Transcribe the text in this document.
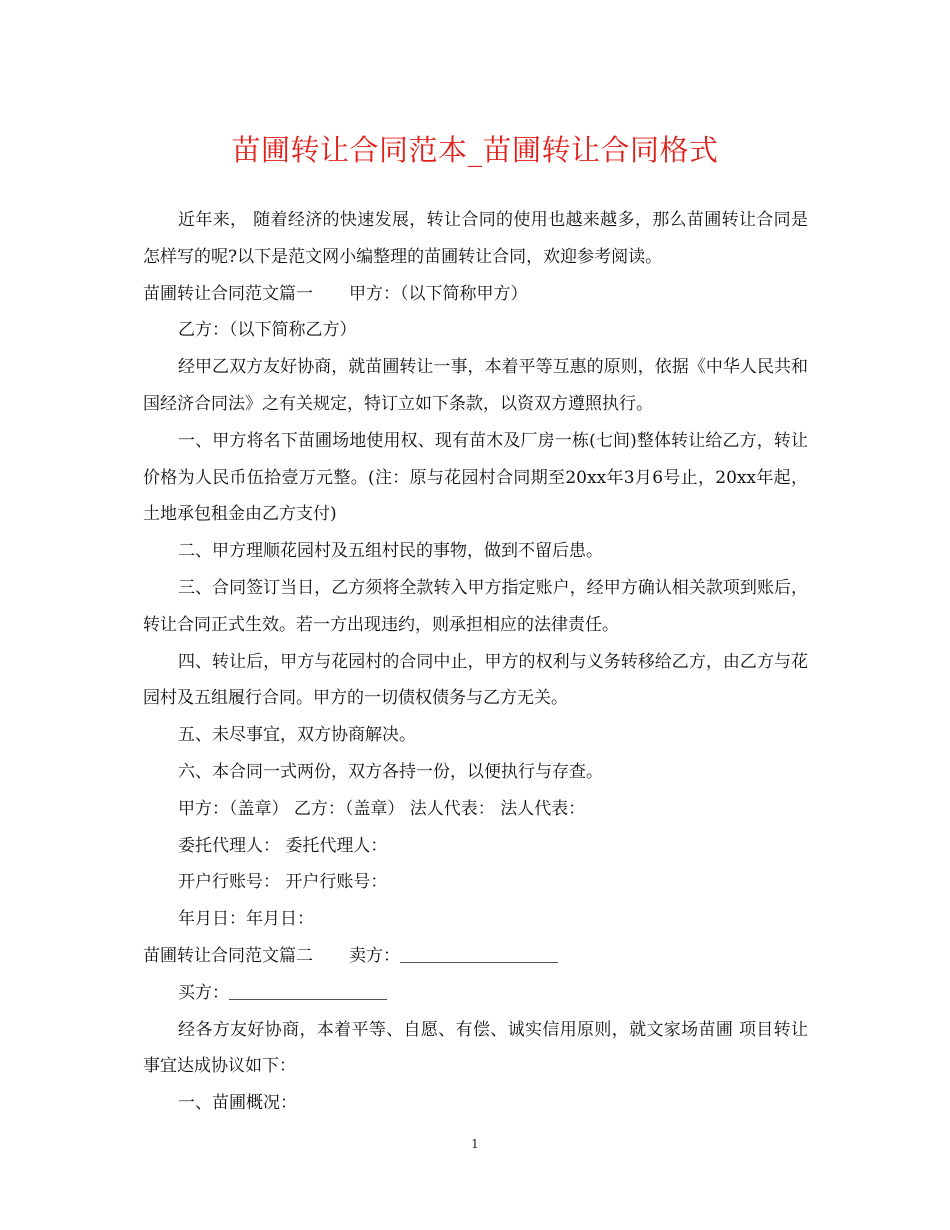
苗圃转让合同范本_苗圃转让合同格式

近年来， 随着经济的快速发展，转让合同的使用也越来越多，那么苗圃转让合同是怎样写的呢?以下是范文网小编整理的苗圃转让合同，欢迎参考阅读。

苗圃转让合同范文篇一 甲方：（以下简称甲方）

乙方：（以下简称乙方）

经甲乙双方友好协商，就苗圃转让一事，本着平等互惠的原则，依据《中华人民共和国经济合同法》之有关规定，特订立如下条款，以资双方遵照执行。

一、甲方将名下苗圃场地使用权、现有苗木及厂房一栋(七间)整体转让给乙方，转让价格为人民币伍拾壹万元整。(注：原与花园村合同期至20xx年3月6号止，20xx年起，土地承包租金由乙方支付)

二、甲方理顺花园村及五组村民的事物，做到不留后患。

三、合同签订当日，乙方须将全款转入甲方指定账户，经甲方确认相关款项到账后，转让合同正式生效。若一方出现违约，则承担相应的法律责任。

四、转让后，甲方与花园村的合同中止，甲方的权利与义务转移给乙方，由乙方与花园村及五组履行合同。甲方的一切债权债务与乙方无关。

五、未尽事宜，双方协商解决。

六、本合同一式两份，双方各持一份，以便执行与存查。

甲方：（盖章） 乙方：（盖章） 法人代表： 法人代表：

委托代理人： 委托代理人：

开户行账号： 开户行账号：

年月日：年月日：

苗圃转让合同范文篇二 卖方：

买方：

经各方友好协商，本着平等、自愿、有偿、诚实信用原则，就文家场苗圃 项目转让事宜达成协议如下：

一、苗圃概况：

1
